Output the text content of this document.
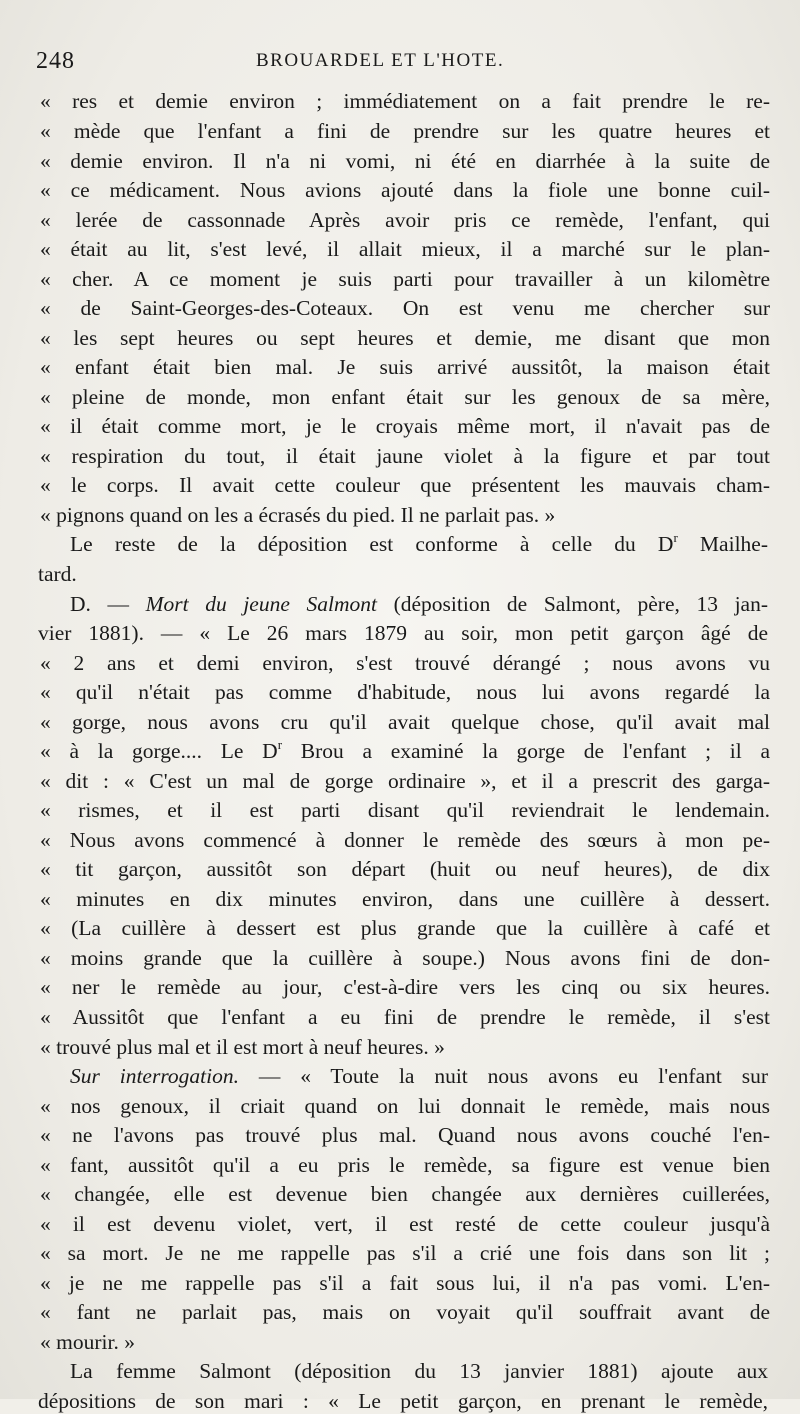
248	BROUARDEL ET L'HOTE.
« res et demie environ ; immédiatement on a fait prendre le re-
« mède que l'enfant a fini de prendre sur les quatre heures et
« demie environ. Il n'a ni vomi, ni été en diarrhée à la suite de
« ce médicament. Nous avions ajouté dans la fiole une bonne cuil-
« lerée de cassonnade Après avoir pris ce remède, l'enfant, qui
« était au lit, s'est levé, il allait mieux, il a marché sur le plan-
« cher. A ce moment je suis parti pour travailler à un kilomètre
« de Saint-Georges-des-Coteaux. On est venu me chercher sur
« les sept heures ou sept heures et demie, me disant que mon
« enfant était bien mal. Je suis arrivé aussitôt, la maison était
« pleine de monde, mon enfant était sur les genoux de sa mère,
« il était comme mort, je le croyais même mort, il n'avait pas de
« respiration du tout, il était jaune violet à la figure et par tout
« le corps. Il avait cette couleur que présentent les mauvais cham-
« pignons quand on les a écrasés du pied. Il ne parlait pas. »
Le reste de la déposition est conforme à celle du $D^r$ Mailhe-
tard.
D. — Mort du jeune Salmont (déposition de Salmont, père, 13 jan-
vier 1881). — « Le 26 mars 1879 au soir, mon petit garçon âgé de
« 2 ans et demi environ, s'est trouvé dérangé ; nous avons vu
« qu'il n'était pas comme d'habitude, nous lui avons regardé la
« gorge, nous avons cru qu'il avait quelque chose, qu'il avait mal
« à la gorge.... Le $D^r$ Brou a examiné la gorge de l'enfant ; il a
« dit : « C'est un mal de gorge ordinaire », et il a prescrit des garga-
« rismes, et il est parti disant qu'il reviendrait le lendemain.
« Nous avons commencé à donner le remède des sœurs à mon pe-
« tit garçon, aussitôt son départ (huit ou neuf heures), de dix
« minutes en dix minutes environ, dans une cuillère à dessert.
« (La cuillère à dessert est plus grande que la cuillère à café et
« moins grande que la cuillère à soupe.) Nous avons fini de don-
« ner le remède au jour, c'est-à-dire vers les cinq ou six heures.
« Aussitôt que l'enfant a eu fini de prendre le remède, il s'est
« trouvé plus mal et il est mort à neuf heures. »
Sur interrogation. — « Toute la nuit nous avons eu l'enfant sur
« nos genoux, il criait quand on lui donnait le remède, mais nous
« ne l'avons pas trouvé plus mal. Quand nous avons couché l'en-
« fant, aussitôt qu'il a eu pris le remède, sa figure est venue bien
« changée, elle est devenue bien changée aux dernières cuillerées,
« il est devenu violet, vert, il est resté de cette couleur jusqu'à
« sa mort. Je ne me rappelle pas s'il a crié une fois dans son lit ;
« je ne me rappelle pas s'il a fait sous lui, il n'a pas vomi. L'en-
« fant ne parlait pas, mais on voyait qu'il souffrait avant de
« mourir. »
La femme Salmont (déposition du 13 janvier 1881) ajoute aux
dépositions de son mari : « Le petit garçon, en prenant le remède,
